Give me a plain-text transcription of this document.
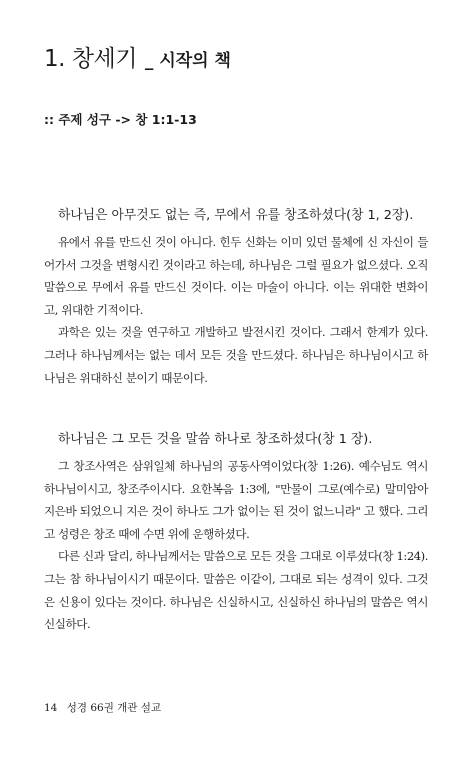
1. 창세기 _ 시작의 책
:: 주제 성구 -> 창 1:1-13
하나님은 아무것도 없는 즉, 무에서 유를 창조하셨다(창 1, 2장).

유에서 유를 만드신 것이 아니다. 힌두 신화는 이미 있던 물체에 신 자신이 들어가서 그것을 변형시킨 것이라고 하는데, 하나님은 그럴 필요가 없으셨다. 오직 말씀으로 무에서 유를 만드신 것이다. 이는 마술이 아니다. 이는 위대한 변화이고, 위대한 기적이다.

과학은 있는 것을 연구하고 개발하고 발전시킨 것이다. 그래서 한계가 있다. 그러나 하나님께서는 없는 데서 모든 것을 만드셨다. 하나님은 하나님이시고 하나님은 위대하신 분이기 때문이다.

하나님은 그 모든 것을 말씀 하나로 창조하셨다(창 1 장).

그 창조사역은 삼위일체 하나님의 공동사역이었다(창 1:26). 예수님도 역시 하나님이시고, 창조주이시다. 요한복음 1:3에, "만물이 그로(예수로) 말미암아 지은바 되었으니 지은 것이 하나도 그가 없이는 된 것이 없느니라" 고 했다. 그리고 성령은 창조 때에 수면 위에 운행하셨다.

다른 신과 달리, 하나님께서는 말씀으로 모든 것을 그대로 이루셨다(창 1:24). 그는 참 하나님이시기 때문이다. 말씀은 이같이, 그대로 되는 성격이 있다. 그것은 신용이 있다는 것이다. 하나님은 신실하시고, 신실하신 하나님의 말씀은 역시 신실하다.

14 성경 66권 개관 설교
